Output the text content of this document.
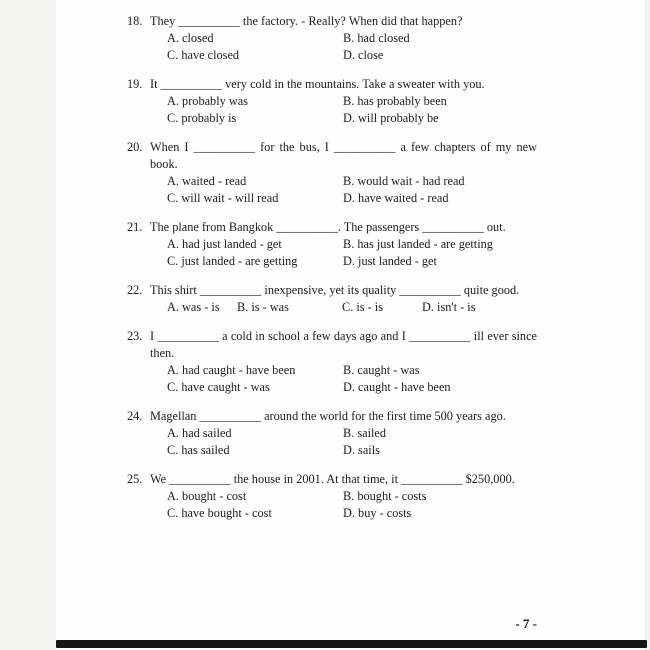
18. They __________ the factory. - Really? When did that happen?
A. closed	B. had closed
C. have closed	D. close
19. It __________ very cold in the mountains. Take a sweater with you.
A. probably was	B. has probably been
C. probably is	D. will probably be
20. When I __________ for the bus, I __________ a few chapters of my new book.
A. waited - read	B. would wait - had read
C. will wait - will read	D. have waited - read
21. The plane from Bangkok __________. The passengers __________ out.
A. had just landed - get	B. has just landed - are getting
C. just landed - are getting	D. just landed - get
22. This shirt __________ inexpensive, yet its quality __________ quite good.
A. was - is	B. is - was	C. is - is	D. isn't - is
23. I __________ a cold in school a few days ago and I __________ ill ever since then.
A. had caught - have been	B. caught - was
C. have caught - was	D. caught - have been
24. Magellan __________ around the world for the first time 500 years ago.
A. had sailed	B. sailed
C. has sailed	D. sails
25. We __________ the house in 2001. At that time, it __________ $250,000.
A. bought - cost	B. bought - costs
C. have bought - cost	D. buy - costs
- 7 -
